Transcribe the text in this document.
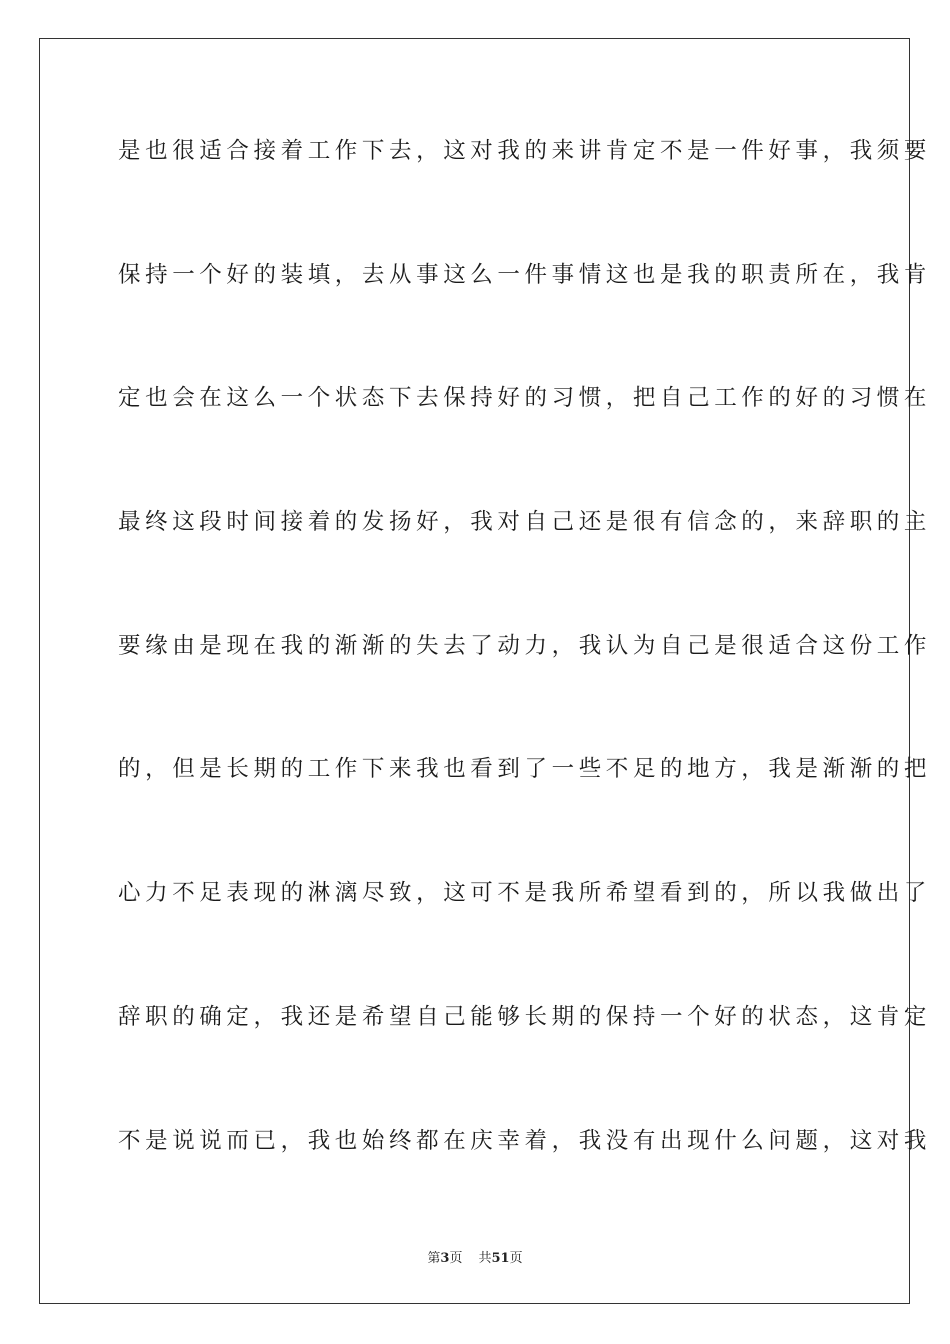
是也很适合接着工作下去，这对我的来讲肯定不是一件好事，我须要
保持一个好的装填，去从事这么一件事情这也是我的职责所在，我肯
定也会在这么一个状态下去保持好的习惯，把自己工作的好的习惯在
最终这段时间接着的发扬好，我对自己还是很有信念的，来辞职的主
要缘由是现在我的渐渐的失去了动力，我认为自己是很适合这份工作
的，但是长期的工作下来我也看到了一些不足的地方，我是渐渐的把
心力不足表现的淋漓尽致，这可不是我所希望看到的，所以我做出了
辞职的确定，我还是希望自己能够长期的保持一个好的状态，这肯定
不是说说而已，我也始终都在庆幸着，我没有出现什么问题，这对我
第3页 共51页
